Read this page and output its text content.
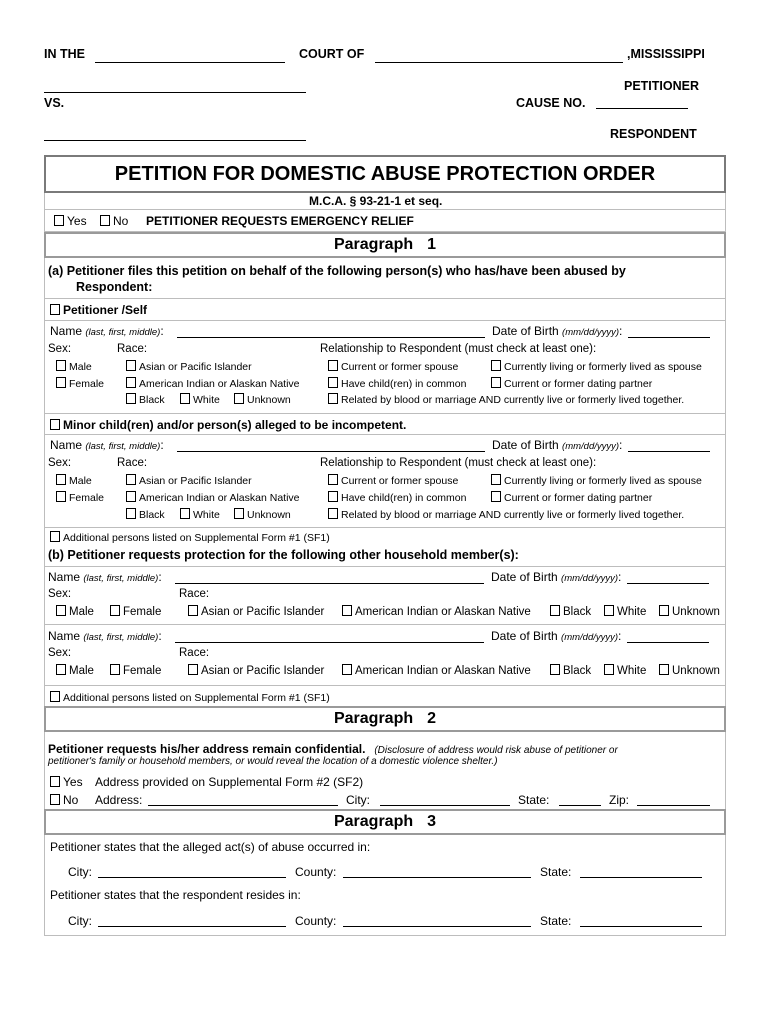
IN THE	COURT OF	,MISSISSIPPI
PETITIONER
VS.	CAUSE NO.
RESPONDENT
PETITION FOR DOMESTIC ABUSE PROTECTION ORDER
M.C.A. § 93-21-1 et seq.
Yes	No PETITIONER REQUESTS EMERGENCY RELIEF
Paragraph 1
(a) Petitioner files this petition on behalf of the following person(s) who has/have been abused by
Respondent:
Petitioner /Self
Name (last, first, middle):	Date of Birth (mm/dd/yyyy):
Sex:
Male
Female
Race:
Asian or Pacific Islander
American Indian or Alaskan Native
Black	White	Unknown
Relationship to Respondent (must check at least one):
Current or former spouse	Currently living or formerly lived as spouse
Have child(ren) in common	Current or former dating partner
Related by blood or marriage AND currently live or formerly lived together.
Minor child(ren) and/or person(s) alleged to be incompetent.
Name (last, first, middle):	Date of Birth (mm/dd/yyyy):
Sex:
Male
Female
Race:
Asian or Pacific Islander
American Indian or Alaskan Native
Black	White	Unknown
Relationship to Respondent (must check at least one):
Current or former spouse	Currently living or formerly lived as spouse
Have child(ren) in common	Current or former dating partner
Related by blood or marriage AND currently live or formerly lived together.
Additional persons listed on Supplemental Form #1 (SF1)
(b) Petitioner requests protection for the following other household member(s):
Name (last, first, middle):	Date of Birth (mm/dd/yyyy):
Sex:	Race:
Male	Female	Asian or Pacific Islander	American Indian or Alaskan Native	Black	White	Unknown
Name (last, first, middle):	Date of Birth (mm/dd/yyyy):
Sex:	Race:
Male	Female	Asian or Pacific Islander	American Indian or Alaskan Native	Black	White	Unknown
Additional persons listed on Supplemental Form #1 (SF1)
Paragraph 2
Petitioner requests his/her address remain confidential. (Disclosure of address would risk abuse of petitioner or
petitioner's family or household members, or would reveal the location of a domestic violence shelter.)
Yes Address provided on Supplemental Form #2 (SF2)
No Address:	City:	State:	Zip:
Paragraph 3
Petitioner states that the alleged act(s) of abuse occurred in:
City:	County:	State:
Petitioner states that the respondent resides in:
City:	County:	State:
